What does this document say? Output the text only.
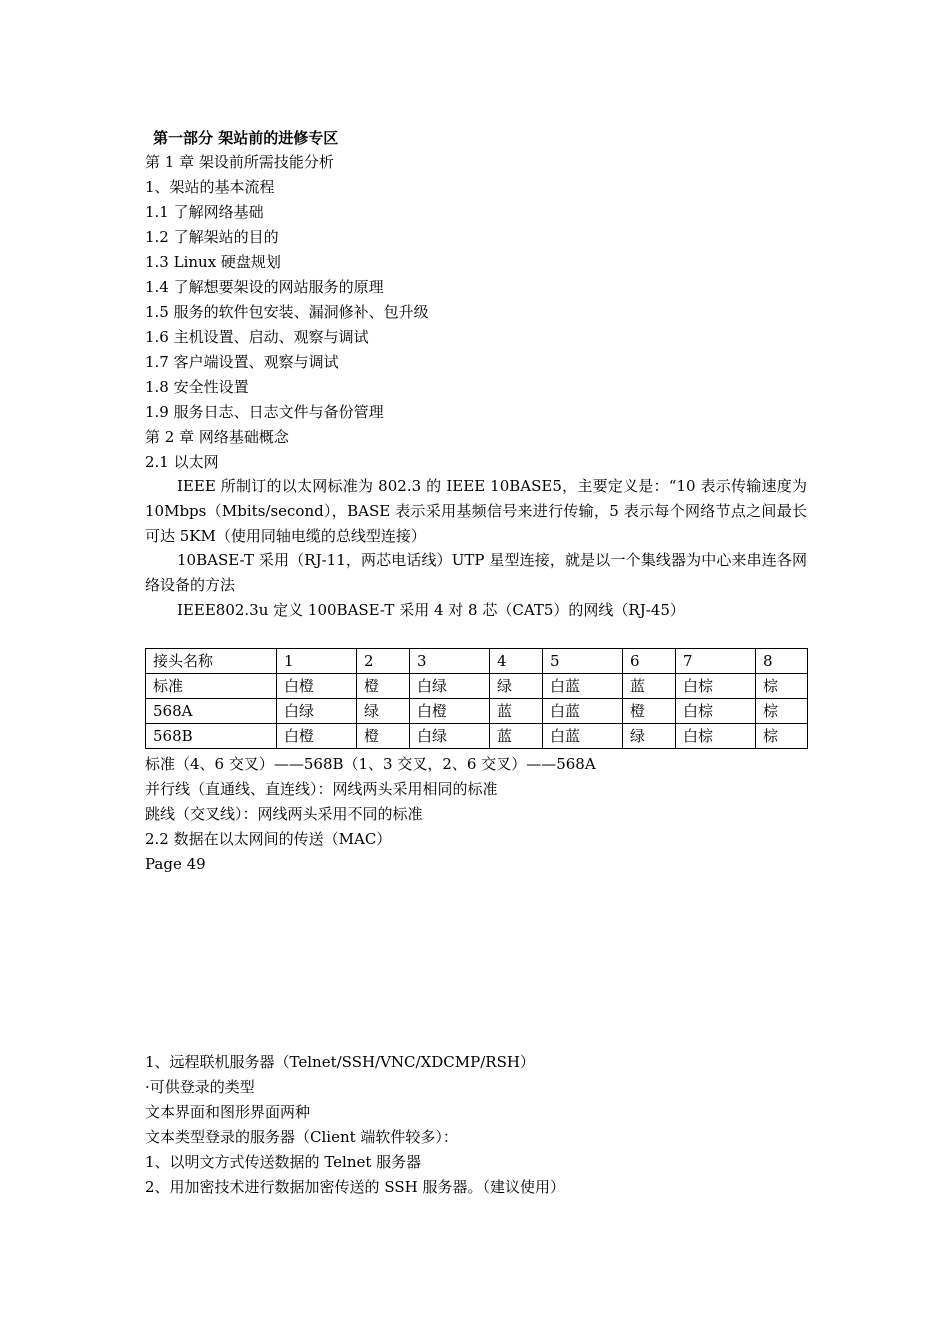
第一部分 架站前的进修专区
第 1 章 架设前所需技能分析
1、架站的基本流程
1.1 了解网络基础
1.2 了解架站的目的
1.3 Linux 硬盘规划
1.4 了解想要架设的网站服务的原理
1.5 服务的软件包安装、漏洞修补、包升级
1.6 主机设置、启动、观察与调试
1.7 客户端设置、观察与调试
1.8 安全性设置
1.9 服务日志、日志文件与备份管理
第 2 章 网络基础概念
2.1 以太网
IEEE 所制订的以太网标准为 802.3 的 IEEE 10BASE5，主要定义是：“10 表示传输速度为 10Mbps（Mbits/second），BASE 表示采用基频信号来进行传输，5 表示每个网络节点之间最长可达 5KM（使用同轴电缆的总线型连接）
10BASE-T 采用（RJ-11，两芯电话线）UTP 星型连接，就是以一个集线器为中心来串连各网络设备的方法
IEEE802.3u 定义 100BASE-T 采用 4 对 8 芯（CAT5）的网线（RJ-45）
接头名称	1	2	3	4	5	6	7	8
标准	白橙	橙	白绿	绿	白蓝	蓝	白棕	棕
568A	白绿	绿	白橙	蓝	白蓝	橙	白棕	棕
568B	白橙	橙	白绿	蓝	白蓝	绿	白棕	棕
标准（4、6 交叉）——568B（1、3 交叉，2、6 交叉）——568A
并行线（直通线、直连线）：网线两头采用相同的标准
跳线（交叉线）：网线两头采用不同的标准
2.2 数据在以太网间的传送（MAC）
Page 49
1、远程联机服务器（Telnet/SSH/VNC/XDCMP/RSH）
·可供登录的类型
文本界面和图形界面两种
文本类型登录的服务器（Client 端软件较多）：
1、以明文方式传送数据的 Telnet 服务器
2、用加密技术进行数据加密传送的 SSH 服务器。（建议使用）
